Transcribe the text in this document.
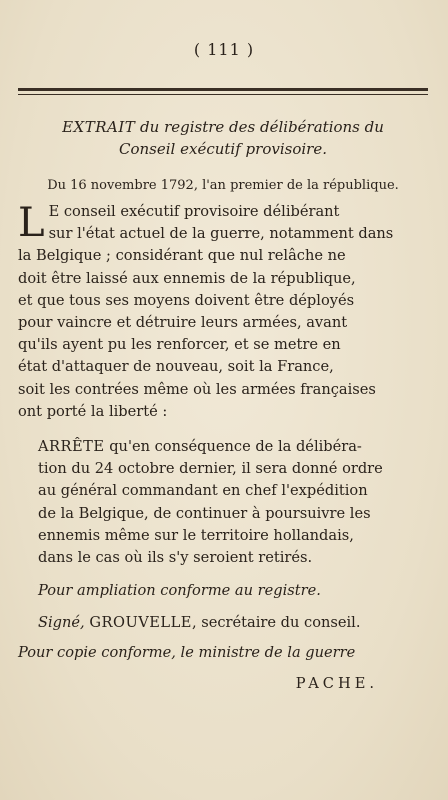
( 111 )
EXTRAIT du registre des délibérations du
Conseil exécutif provisoire.
Du 16 novembre 1792, l'an premier de la république.
L E conseil exécutif provisoire délibérant
sur l'état actuel de la guerre, notamment dans
la Belgique ; considérant que nul relâche ne
doit être laissé aux ennemis de la république,
et que tous ses moyens doivent être déployés
pour vaincre et détruire leurs armées, avant
qu'ils ayent pu les renforcer, et se metre en
état d'attaquer de nouveau, soit la France,
soit les contrées même où les armées françaises
ont porté la liberté :
ARRÊTE qu'en conséquence de la délibéra-
tion du 24 octobre dernier, il sera donné ordre
au général commandant en chef l'expédition
de la Belgique, de continuer à poursuivre les
ennemis même sur le territoire hollandais,
dans le cas où ils s'y seroient retirés.
Pour ampliation conforme au registre.
Signé, GROUVELLE, secrétaire du conseil.
Pour copie conforme, le ministre de la guerre
PACHE.
